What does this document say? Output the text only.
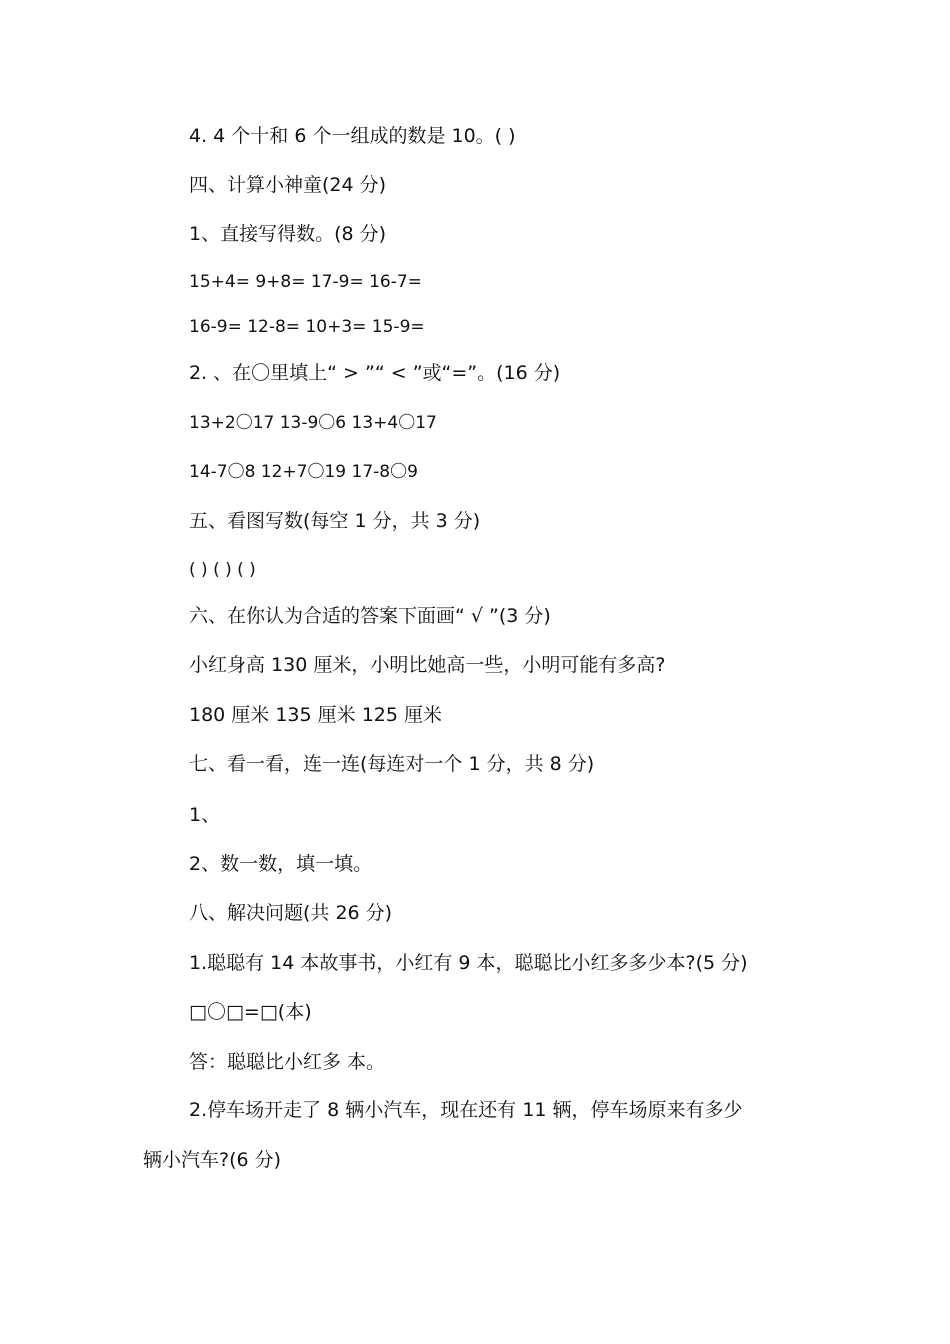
4. 4 个十和 6 个一组成的数是 10。( )
四、计算小神童(24 分)
1、直接写得数。(8 分)
15+4= 9+8= 17-9= 16-7=
16-9= 12-8= 10+3= 15-9=
2. 、在〇里填上“ > ”“ < ”或“=”。(16 分)
13+2〇17 13-9〇6 13+4〇17
14-7〇8 12+7〇19 17-8〇9
五、看图写数(每空 1 分，共 3 分)
( ) ( ) ( )
六、在你认为合适的答案下面画“ √ ”(3 分)
小红身高 130 厘米，小明比她高一些，小明可能有多高?
180 厘米 135 厘米 125 厘米
七、看一看，连一连(每连对一个 1 分，共 8 分)
1、
2、数一数，填一填。
八、解决问题(共 26 分)
1.聪聪有 14 本故事书，小红有 9 本，聪聪比小红多多少本?(5 分)
□〇□=□(本)
答：聪聪比小红多 本。
2.停车场开走了 8 辆小汽车，现在还有 11 辆，停车场原来有多少
辆小汽车?(6 分)
